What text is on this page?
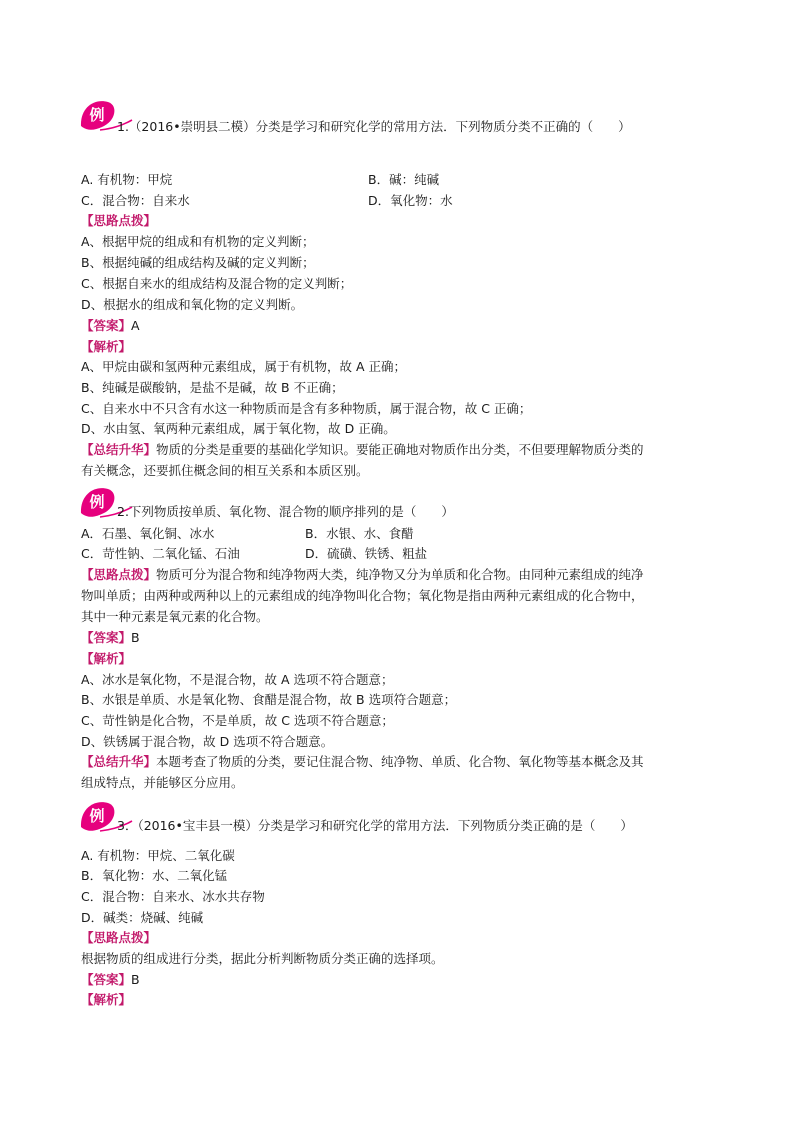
例
1.（2016•崇明县二模）分类是学习和研究化学的常用方法．下列物质分类不正确的（　　）
A. 有机物：甲烷	B．碱：纯碱
C．混合物：自来水	D．氧化物：水
【思路点拨】
A、根据甲烷的组成和有机物的定义判断；
B、根据纯碱的组成结构及碱的定义判断；
C、根据自来水的组成结构及混合物的定义判断；
D、根据水的组成和氧化物的定义判断。
【答案】A
【解析】
A、甲烷由碳和氢两种元素组成，属于有机物，故 A 正确；
B、纯碱是碳酸钠，是盐不是碱，故 B 不正确；
C、自来水中不只含有水这一种物质而是含有多种物质，属于混合物，故 C 正确；
D、水由氢、氧两种元素组成，属于氧化物，故 D 正确。
【总结升华】物质的分类是重要的基础化学知识。要能正确地对物质作出分类，不但要理解物质分类的
有关概念，还要抓住概念间的相互关系和本质区别。
例
2.下列物质按单质、氧化物、混合物的顺序排列的是（　　）
A．石墨、氧化铜、冰水	B．水银、水、食醋
C．苛性钠、二氧化锰、石油	D．硫磺、铁锈、粗盐
【思路点拨】物质可分为混合物和纯净物两大类，纯净物又分为单质和化合物。由同种元素组成的纯净
物叫单质；由两种或两种以上的元素组成的纯净物叫化合物；氧化物是指由两种元素组成的化合物中，
其中一种元素是氧元素的化合物。
【答案】B
【解析】
A、冰水是氧化物，不是混合物，故 A 选项不符合题意；
B、水银是单质、水是氧化物、食醋是混合物，故 B 选项符合题意；
C、苛性钠是化合物，不是单质，故 C 选项不符合题意；
D、铁锈属于混合物，故 D 选项不符合题意。
【总结升华】本题考查了物质的分类，要记住混合物、纯净物、单质、化合物、氧化物等基本概念及其
组成特点，并能够区分应用。
例
3．（2016•宝丰县一模）分类是学习和研究化学的常用方法．下列物质分类正确的是（　　）
A. 有机物：甲烷、二氧化碳
B．氧化物：水、二氧化锰
C．混合物：自来水、冰水共存物
D．碱类：烧碱、纯碱
【思路点拨】
根据物质的组成进行分类，据此分析判断物质分类正确的选择项。
【答案】B
【解析】
